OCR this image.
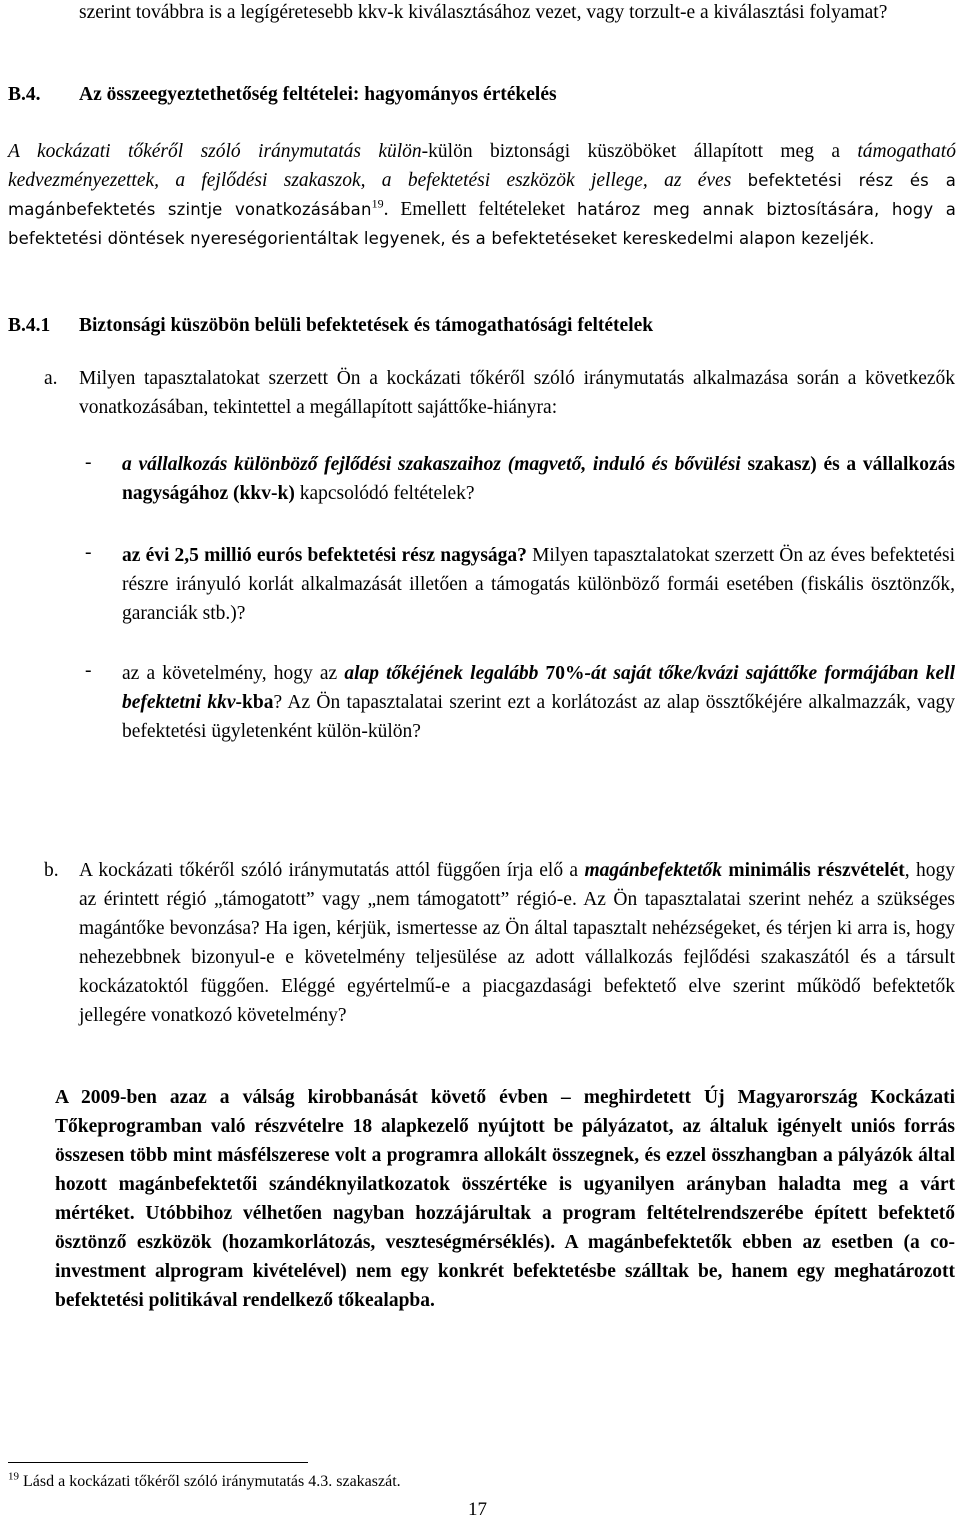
szerint továbbra is a legígéretesebb kkv-k kiválasztásához vezet, vagy torzult-e a kiválasztási folyamat?
B.4. Az összeegyeztethetőség feltételei: hagyományos értékelés
A kockázati tőkéről szóló iránymutatás külön-külön biztonsági küszöböket állapított meg a támogatható kedvezményezettek, a fejlődési szakaszok, a befektetési eszközök jellege, az éves befektetési rész és a magánbefektetés szintje vonatkozásában$^{19}$. Emellett feltételeket határoz meg annak biztosítására, hogy a befektetési döntések nyereségorientáltak legyenek, és a befektetéseket kereskedelmi alapon kezeljék.
B.4.1 Biztonsági küszöbön belüli befektetések és támogathatósági feltételek
a. Milyen tapasztalatokat szerzett Ön a kockázati tőkéről szóló iránymutatás alkalmazása során a következők vonatkozásában, tekintettel a megállapított sajáttőke-hiányra:
- a vállalkozás különböző fejlődési szakaszaihoz (magvető, induló és bővülési szakasz) és a vállalkozás nagyságához (kkv-k) kapcsolódó feltételek?
- az évi 2,5 millió eurós befektetési rész nagysága? Milyen tapasztalatokat szerzett Ön az éves befektetési részre irányuló korlát alkalmazását illetően a támogatás különböző formái esetében (fiskális ösztönzők, garanciák stb.)?
- az a követelmény, hogy az alap tőkéjének legalább 70%-át saját tőke/kvázi sajáttőke formájában kell befektetni kkv-kba? Az Ön tapasztalatai szerint ezt a korlátozást az alap össztőkéjére alkalmazzák, vagy befektetési ügyletenként külön-külön?
b. A kockázati tőkéről szóló iránymutatás attól függően írja elő a magánbefektetők minimális részvételét, hogy az érintett régió „támogatott” vagy „nem támogatott” régió-e. Az Ön tapasztalatai szerint nehéz a szükséges magántőke bevonzása? Ha igen, kérjük, ismertesse az Ön által tapasztalt nehézségeket, és térjen ki arra is, hogy nehezebbnek bizonyul-e e követelmény teljesülése az adott vállalkozás fejlődési szakaszától és a társult kockázatoktól függően. Eléggé egyértelmű-e a piacgazdasági befektető elve szerint működő befektetők jellegére vonatkozó követelmény?
A 2009-ben azaz a válság kirobbanását követő évben – meghirdetett Új Magyarország Kockázati Tőkeprogramban való részvételre 18 alapkezelő nyújtott be pályázatot, az általuk igényelt uniós forrás összesen több mint másfélszerese volt a programra allokált összegnek, és ezzel összhangban a pályázók által hozott magánbefektetői szándéknyilatkozatok összértéke is ugyanilyen arányban haladta meg a várt mértéket. Utóbbihoz vélhetően nagyban hozzájárultak a program feltételrendszerébe épített befektető ösztönző eszközök (hozamkorlátozás, veszteségmérséklés). A magánbefektetők ebben az esetben (a co-investment alprogram kivételével) nem egy konkrét befektetésbe szálltak be, hanem egy meghatározott befektetési politikával rendelkező tőkealapba.
$^{19}$ Lásd a kockázati tőkéről szóló iránymutatás 4.3. szakaszát.
17
